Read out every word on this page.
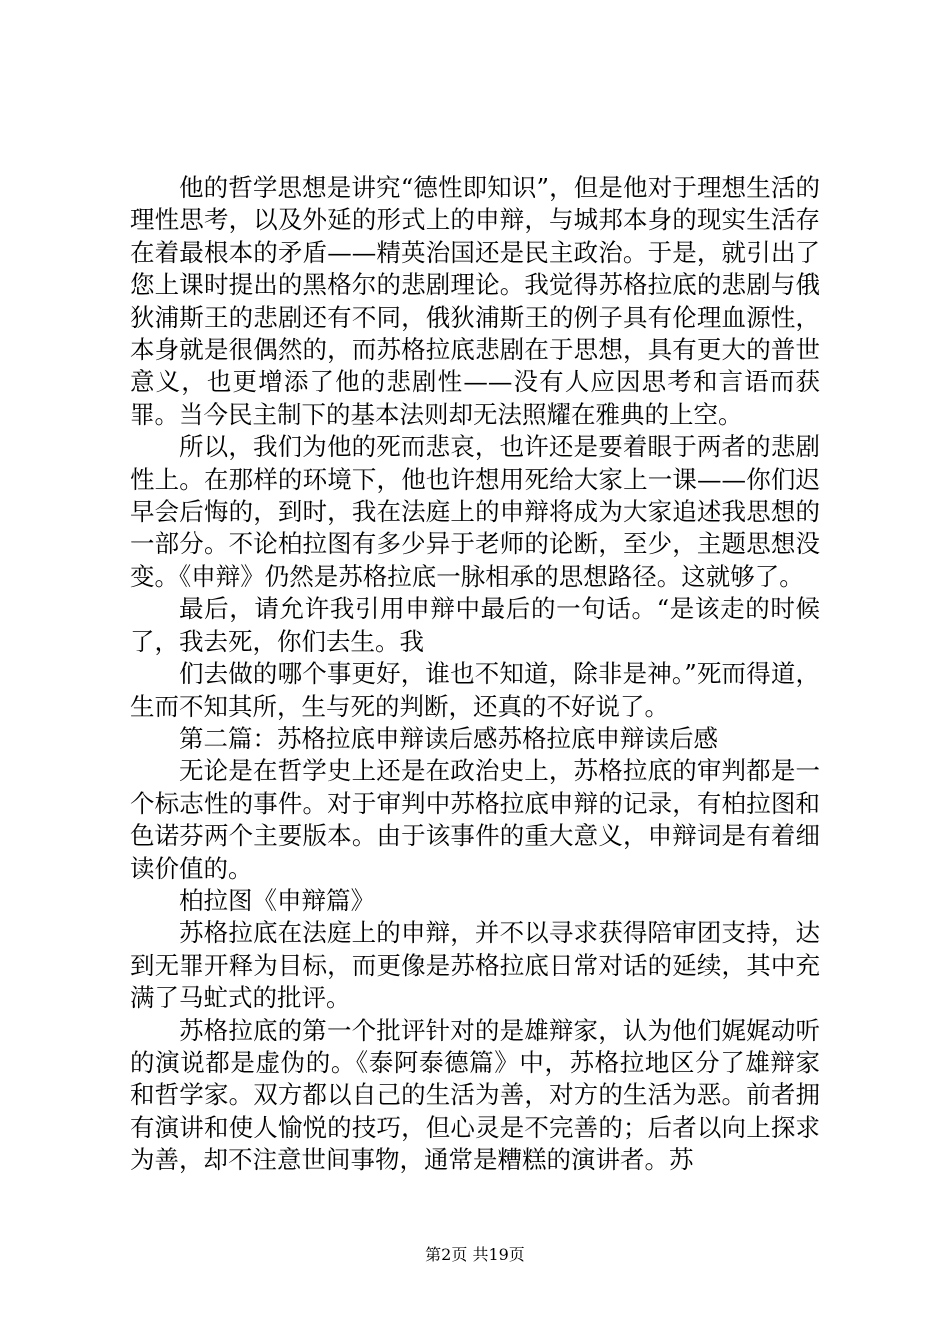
他的哲学思想是讲究“德性即知识”，但是他对于理想生活的理性思考，以及外延的形式上的申辩，与城邦本身的现实生活存在着最根本的矛盾——精英治国还是民主政治。于是，就引出了您上课时提出的黑格尔的悲剧理论。我觉得苏格拉底的悲剧与俄狄浦斯王的悲剧还有不同，俄狄浦斯王的例子具有伦理血源性，本身就是很偶然的，而苏格拉底悲剧在于思想，具有更大的普世意义，也更增添了他的悲剧性——没有人应因思考和言语而获罪。当今民主制下的基本法则却无法照耀在雅典的上空。

所以，我们为他的死而悲哀，也许还是要着眼于两者的悲剧性上。在那样的环境下，他也许想用死给大家上一课——你们迟早会后悔的，到时，我在法庭上的申辩将成为大家追述我思想的一部分。不论柏拉图有多少异于老师的论断，至少，主题思想没变。《申辩》仍然是苏格拉底一脉相承的思想路径。这就够了。

最后，请允许我引用申辩中最后的一句话。“是该走的时候了，我去死，你们去生。我

们去做的哪个事更好，谁也不知道，除非是神。”死而得道，生而不知其所，生与死的判断，还真的不好说了。

第二篇：苏格拉底申辩读后感苏格拉底申辩读后感

无论是在哲学史上还是在政治史上，苏格拉底的审判都是一个标志性的事件。对于审判中苏格拉底申辩的记录，有柏拉图和色诺芬两个主要版本。由于该事件的重大意义，申辩词是有着细读价值的。

柏拉图《申辩篇》

苏格拉底在法庭上的申辩，并不以寻求获得陪审团支持，达到无罪开释为目标，而更像是苏格拉底日常对话的延续，其中充满了马虻式的批评。

苏格拉底的第一个批评针对的是雄辩家，认为他们娓娓动听的演说都是虚伪的。《泰阿泰德篇》中，苏格拉地区分了雄辩家和哲学家。双方都以自己的生活为善，对方的生活为恶。前者拥有演讲和使人愉悦的技巧，但心灵是不完善的；后者以向上探求为善，却不注意世间事物，通常是糟糕的演讲者。苏

第2页 共19页
